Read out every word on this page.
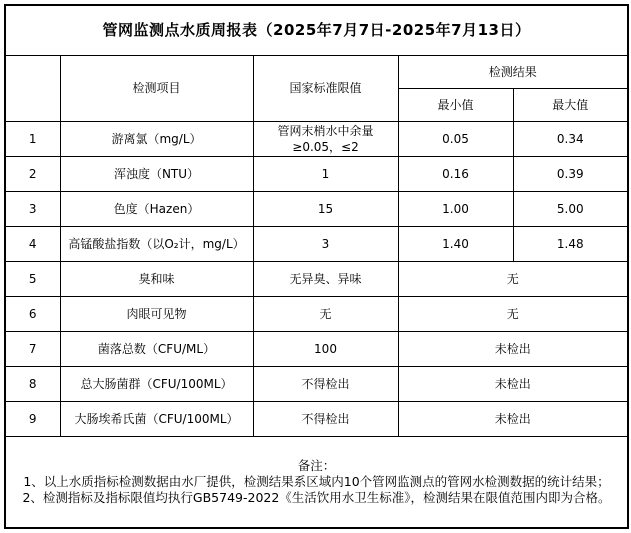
管网监测点水质周报表（2025年7月7日-2025年7月13日）				
	检测项目	国家标准限值	检测结果	
			最小值	最大值
1	游离氯（mg/L）	管网末梢水中余量≥0.05，≤2	0.05	0.34
2	浑浊度（NTU）	1	0.16	0.39
3	色度（Hazen）	15	1.00	5.00
4	高锰酸盐指数（以O₂计，mg/L）	3	1.40	1.48
5	臭和味	无异臭、异味	无	
6	肉眼可见物	无	无	
7	菌落总数（CFU/ML）	100	未检出	
8	总大肠菌群（CFU/100ML）	不得检出	未检出	
9	大肠埃希氏菌（CFU/100ML）	不得检出	未检出	

备注：
1、以上水质指标检测数据由水厂提供，检测结果系区域内10个管网监测点的管网水检测数据的统计结果；
2、检测指标及指标限值均执行GB5749-2022《生活饮用水卫生标准》，检测结果在限值范围内即为合格。				
